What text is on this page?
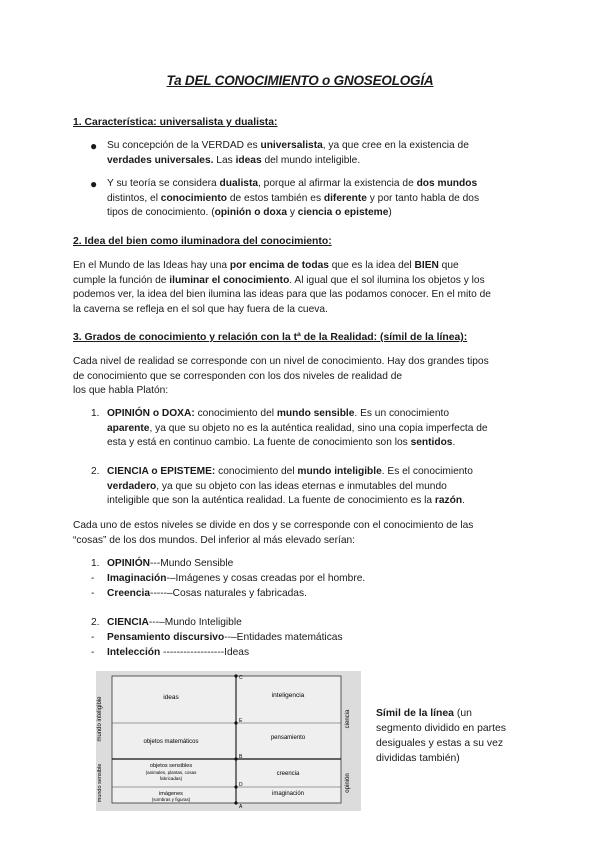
Ta DEL CONOCIMIENTO o GNOSEOLOGÍA
1. Característica: universalista y dualista:
● Su concepción de la VERDAD es universalista, ya que cree en la existencia de
verdades universales. Las ideas del mundo inteligible.
● Y su teoría se considera dualista, porque al afirmar la existencia de dos mundos
distintos, el conocimiento de estos también es diferente y por tanto habla de dos
tipos de conocimiento. (opinión o doxa y ciencia o episteme)
2. Idea del bien como iluminadora del conocimiento:
En el Mundo de las Ideas hay una por encima de todas que es la idea del BIEN que
cumple la función de iluminar el conocimiento. Al igual que el sol ilumina los objetos y los
podemos ver, la idea del bien ilumina las ideas para que las podamos conocer. En el mito de
la caverna se refleja en el sol que hay fuera de la cueva.
3. Grados de conocimiento y relación con la tª de la Realidad: (símil de la línea):
Cada nivel de realidad se corresponde con un nivel de conocimiento. Hay dos grandes tipos
de conocimiento que se corresponden con los dos niveles de realidad de
los que habla Platón:
1. OPINIÓN o DOXA: conocimiento del mundo sensible. Es un conocimiento
aparente, ya que su objeto no es la auténtica realidad, sino una copia imperfecta de
esta y está en continuo cambio. La fuente de conocimiento son los sentidos.
2. CIENCIA o EPISTEME: conocimiento del mundo inteligible. Es el conocimiento
verdadero, ya que su objeto con las ideas eternas e inmutables del mundo
inteligible que son la auténtica realidad. La fuente de conocimiento es la razón.
Cada uno de estos niveles se divide en dos y se corresponde con el conocimiento de las
“cosas” de los dos mundos. Del inferior al más elevado serían:
1. OPINIÓN---Mundo Sensible
- Imaginación-–Imágenes y cosas creadas por el hombre.
- Creencia-----–Cosas naturales y fabricadas.
2. CIENCIA---–Mundo Inteligible
- Pensamiento discursivo--–Entidades matemáticas
- Intelección ------------------Ideas
mundo inteligible
mundo sensible
ciencia
opinión
ideas
objetos matemáticos
objetos sensibles
(animales, plantas, cosas
fabricadas)
imágenes
(sombras y figuras)
inteligencia
pensamiento
creencia
imaginación
C
E
B
D
A
Símil de la línea (un
segmento dividido en partes
desiguales y estas a su vez
divididas también)
